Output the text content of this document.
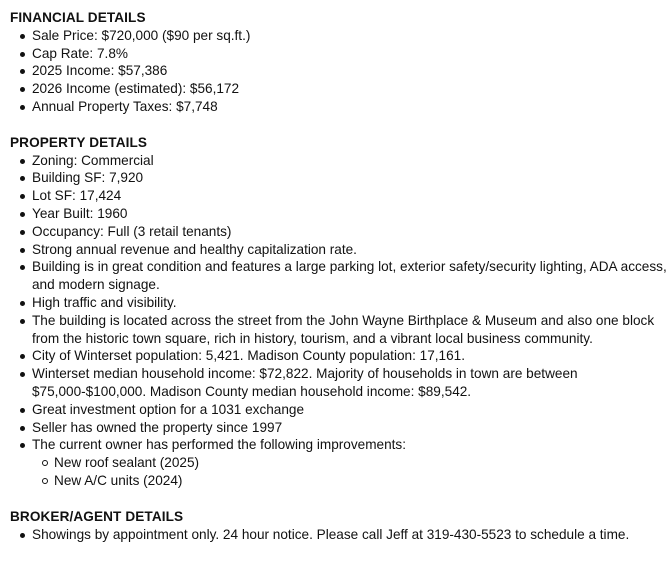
FINANCIAL DETAILS
Sale Price: $720,000 ($90 per sq.ft.)
Cap Rate: 7.8%
2025 Income: $57,386
2026 Income (estimated): $56,172
Annual Property Taxes: $7,748
PROPERTY DETAILS
Zoning: Commercial
Building SF: 7,920
Lot SF: 17,424
Year Built: 1960
Occupancy: Full (3 retail tenants)
Strong annual revenue and healthy capitalization rate.
Building is in great condition and features a large parking lot, exterior safety/security lighting, ADA access, and modern signage.
High traffic and visibility.
The building is located across the street from the John Wayne Birthplace & Museum and also one block from the historic town square, rich in history, tourism, and a vibrant local business community.
City of Winterset population: 5,421. Madison County population: 17,161.
Winterset median household income: $72,822. Majority of households in town are between $75,000-$100,000. Madison County median household income: $89,542.
Great investment option for a 1031 exchange
Seller has owned the property since 1997
The current owner has performed the following improvements:
New roof sealant (2025)
New A/C units (2024)
BROKER/AGENT DETAILS
Showings by appointment only. 24 hour notice. Please call Jeff at 319-430-5523 to schedule a time.
